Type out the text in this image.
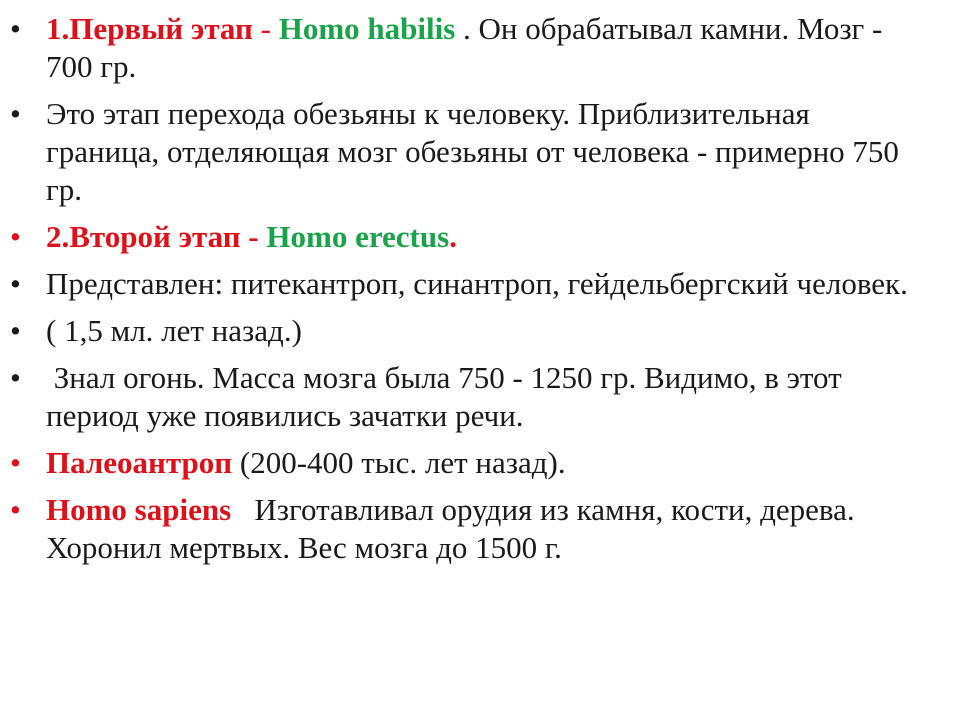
• 1.Первый этап - Homo habilis . Он обрабатывал камни. Мозг - 700 гр.
• Это этап перехода обезьяны к человеку. Приблизительная граница, отделяющая мозг обезьяны от человека - примерно 750 гр.
• 2.Второй этап - Homo erectus.
• Представлен: питекантроп, синантроп, гейдельбергский человек.
• ( 1,5 мл. лет назад.)
• Знал огонь. Масса мозга была 750 - 1250 гр. Видимо, в этот период уже появились зачатки речи.
• Палеоантроп (200-400 тыс. лет назад).
• Homo sapiens   Изготавливал орудия из камня, кости, дерева. Хоронил мертвых. Вес мозга до 1500 г.
